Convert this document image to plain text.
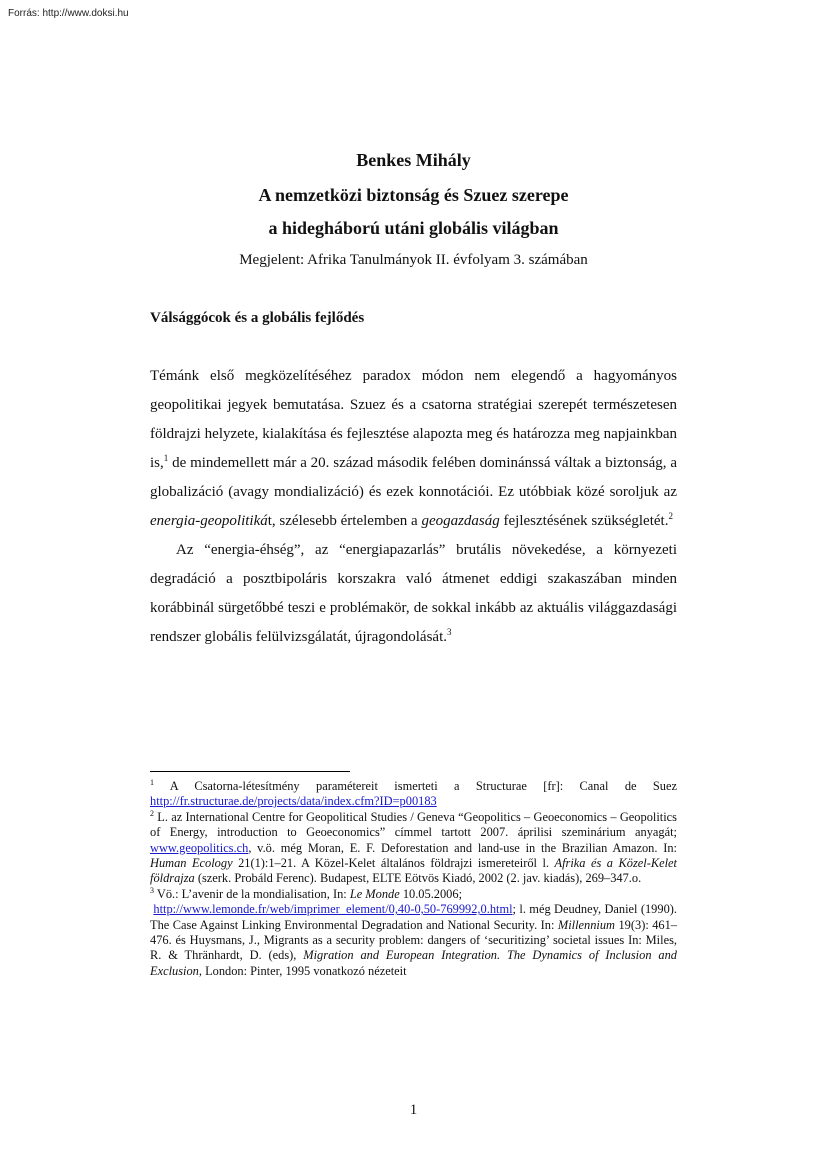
Forrás: http://www.doksi.hu
Benkes Mihály
A nemzetközi biztonság és Szuez szerepe
a hidegháború utáni globális világban
Megjelent: Afrika Tanulmányok II. évfolyam 3. számában
Válsággócok és a globális fejlődés

Témánk első megközelítéséhez paradox módon nem elegendő a hagyományos geopolitikai jegyek bemutatása. Szuez és a csatorna stratégiai szerepét természetesen földrajzi helyzete, kialakítása és fejlesztése alapozta meg és határozza meg napjainkban is,$^1$ de mindemellett már a 20. század második felében dominánssá váltak a biztonság, a globalizáció (avagy mondializáció) és ezek konnotációi. Ez utóbbiak közé soroljuk az energia-geopolitikát, szélesebb értelemben a geogazdaság fejlesztésének szükségletét.$^2$

Az “energia-éhség”, az “energiapazarlás” brutális növekedése, a környezeti degradáció a posztbipoláris korszakra való átmenet eddigi szakaszában minden korábbinál sürgetőbbé teszi e problémakör, de sokkal inkább az aktuális világgazdasági rendszer globális felülvizsgálatát, újragondolását.$^3$

$^1$ A Csatorna-létesítmény paramétereit ismerteti a Structurae [fr]: Canal de Suez http://fr.structurae.de/projects/data/index.cfm?ID=p00183

$^2$ L. az International Centre for Geopolitical Studies / Geneva “Geopolitics – Geoeconomics – Geopolitics of Energy, introduction to Geoeconomics” címmel tartott 2007. áprilisi szeminárium anyagát; www.geopolitics.ch, v.ö. még Moran, E. F. Deforestation and land-use in the Brazilian Amazon. In: Human Ecology 21(1):1–21. A Közel-Kelet általános földrajzi ismereteiről l. Afrika és a Közel-Kelet földrajza (szerk. Probáld Ferenc). Budapest, ELTE Eötvös Kiadó, 2002 (2. jav. kiadás), 269–347.o.

$^3$ Vö.: L’avenir de la mondialisation, In: Le Monde 10.05.2006;
http://www.lemonde.fr/web/imprimer_element/0,40-0,50-769992,0.html; l. még Deudney, Daniel (1990). The Case Against Linking Environmental Degradation and National Security. In: Millennium 19(3): 461–476. és Huysmans, J., Migrants as a security problem: dangers of ‘securitizing’ societal issues In: Miles, R. & Thränhardt, D. (eds), Migration and European Integration. The Dynamics of Inclusion and Exclusion, London: Pinter, 1995 vonatkozó nézeteit

1
